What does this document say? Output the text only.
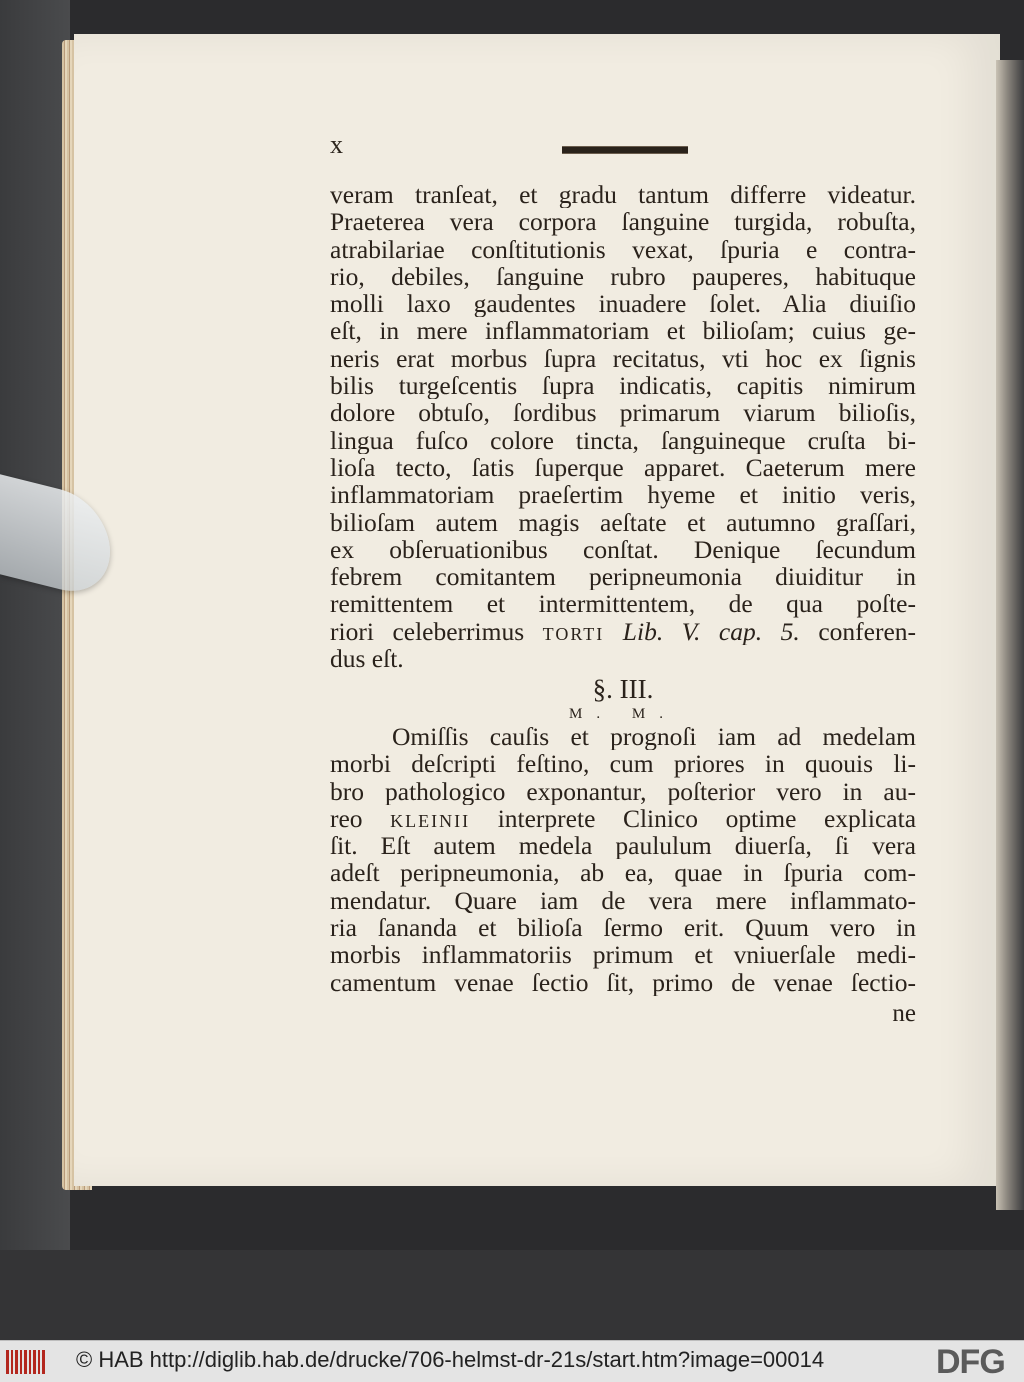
x
veram tranſeat, et gradu tantum differre videatur.
Praeterea vera corpora ſanguine turgida, robuſta,
atrabilariae conſtitutionis vexat, ſpuria e contra-
rio, debiles, ſanguine rubro pauperes, habituque
molli laxo gaudentes inuadere ſolet. Alia diuiſio
eſt, in mere inflammatoriam et bilioſam; cuius ge-
neris erat morbus ſupra recitatus, vti hoc ex ſignis
bilis turgeſcentis ſupra indicatis, capitis nimirum
dolore obtuſo, ſordibus primarum viarum bilioſis,
lingua fuſco colore tincta, ſanguineque cruſta bi-
lioſa tecto, ſatis ſuperque apparet. Caeterum mere
inflammatoriam praeſertim hyeme et initio veris,
bilioſam autem magis aeſtate et autumno graſſari,
ex obſeruationibus conſtat. Denique ſecundum
febrem comitantem peripneumonia diuiditur in
remittentem et intermittentem, de qua poſte-
riori celeberrimus TORTI Lib. V. cap. 5. conferen-
dus eſt.
§. III.
M. M.
Omiſſis cauſis et prognoſi iam ad medelam
morbi deſcripti feſtino, cum priores in quouis li-
bro pathologico exponantur, poſterior vero in au-
reo KLEINII interprete Clinico optime explicata
ſit. Eſt autem medela paululum diuerſa, ſi vera
adeſt peripneumonia, ab ea, quae in ſpuria com-
mendatur. Quare iam de vera mere inflammato-
ria ſananda et bilioſa ſermo erit. Quum vero in
morbis inflammatoriis primum et vniuerſale medi-
camentum venae ſectio ſit, primo de venae ſectio-
ne
© HAB http://diglib.hab.de/drucke/706-helmst-dr-21s/start.htm?image=00014	DFG
